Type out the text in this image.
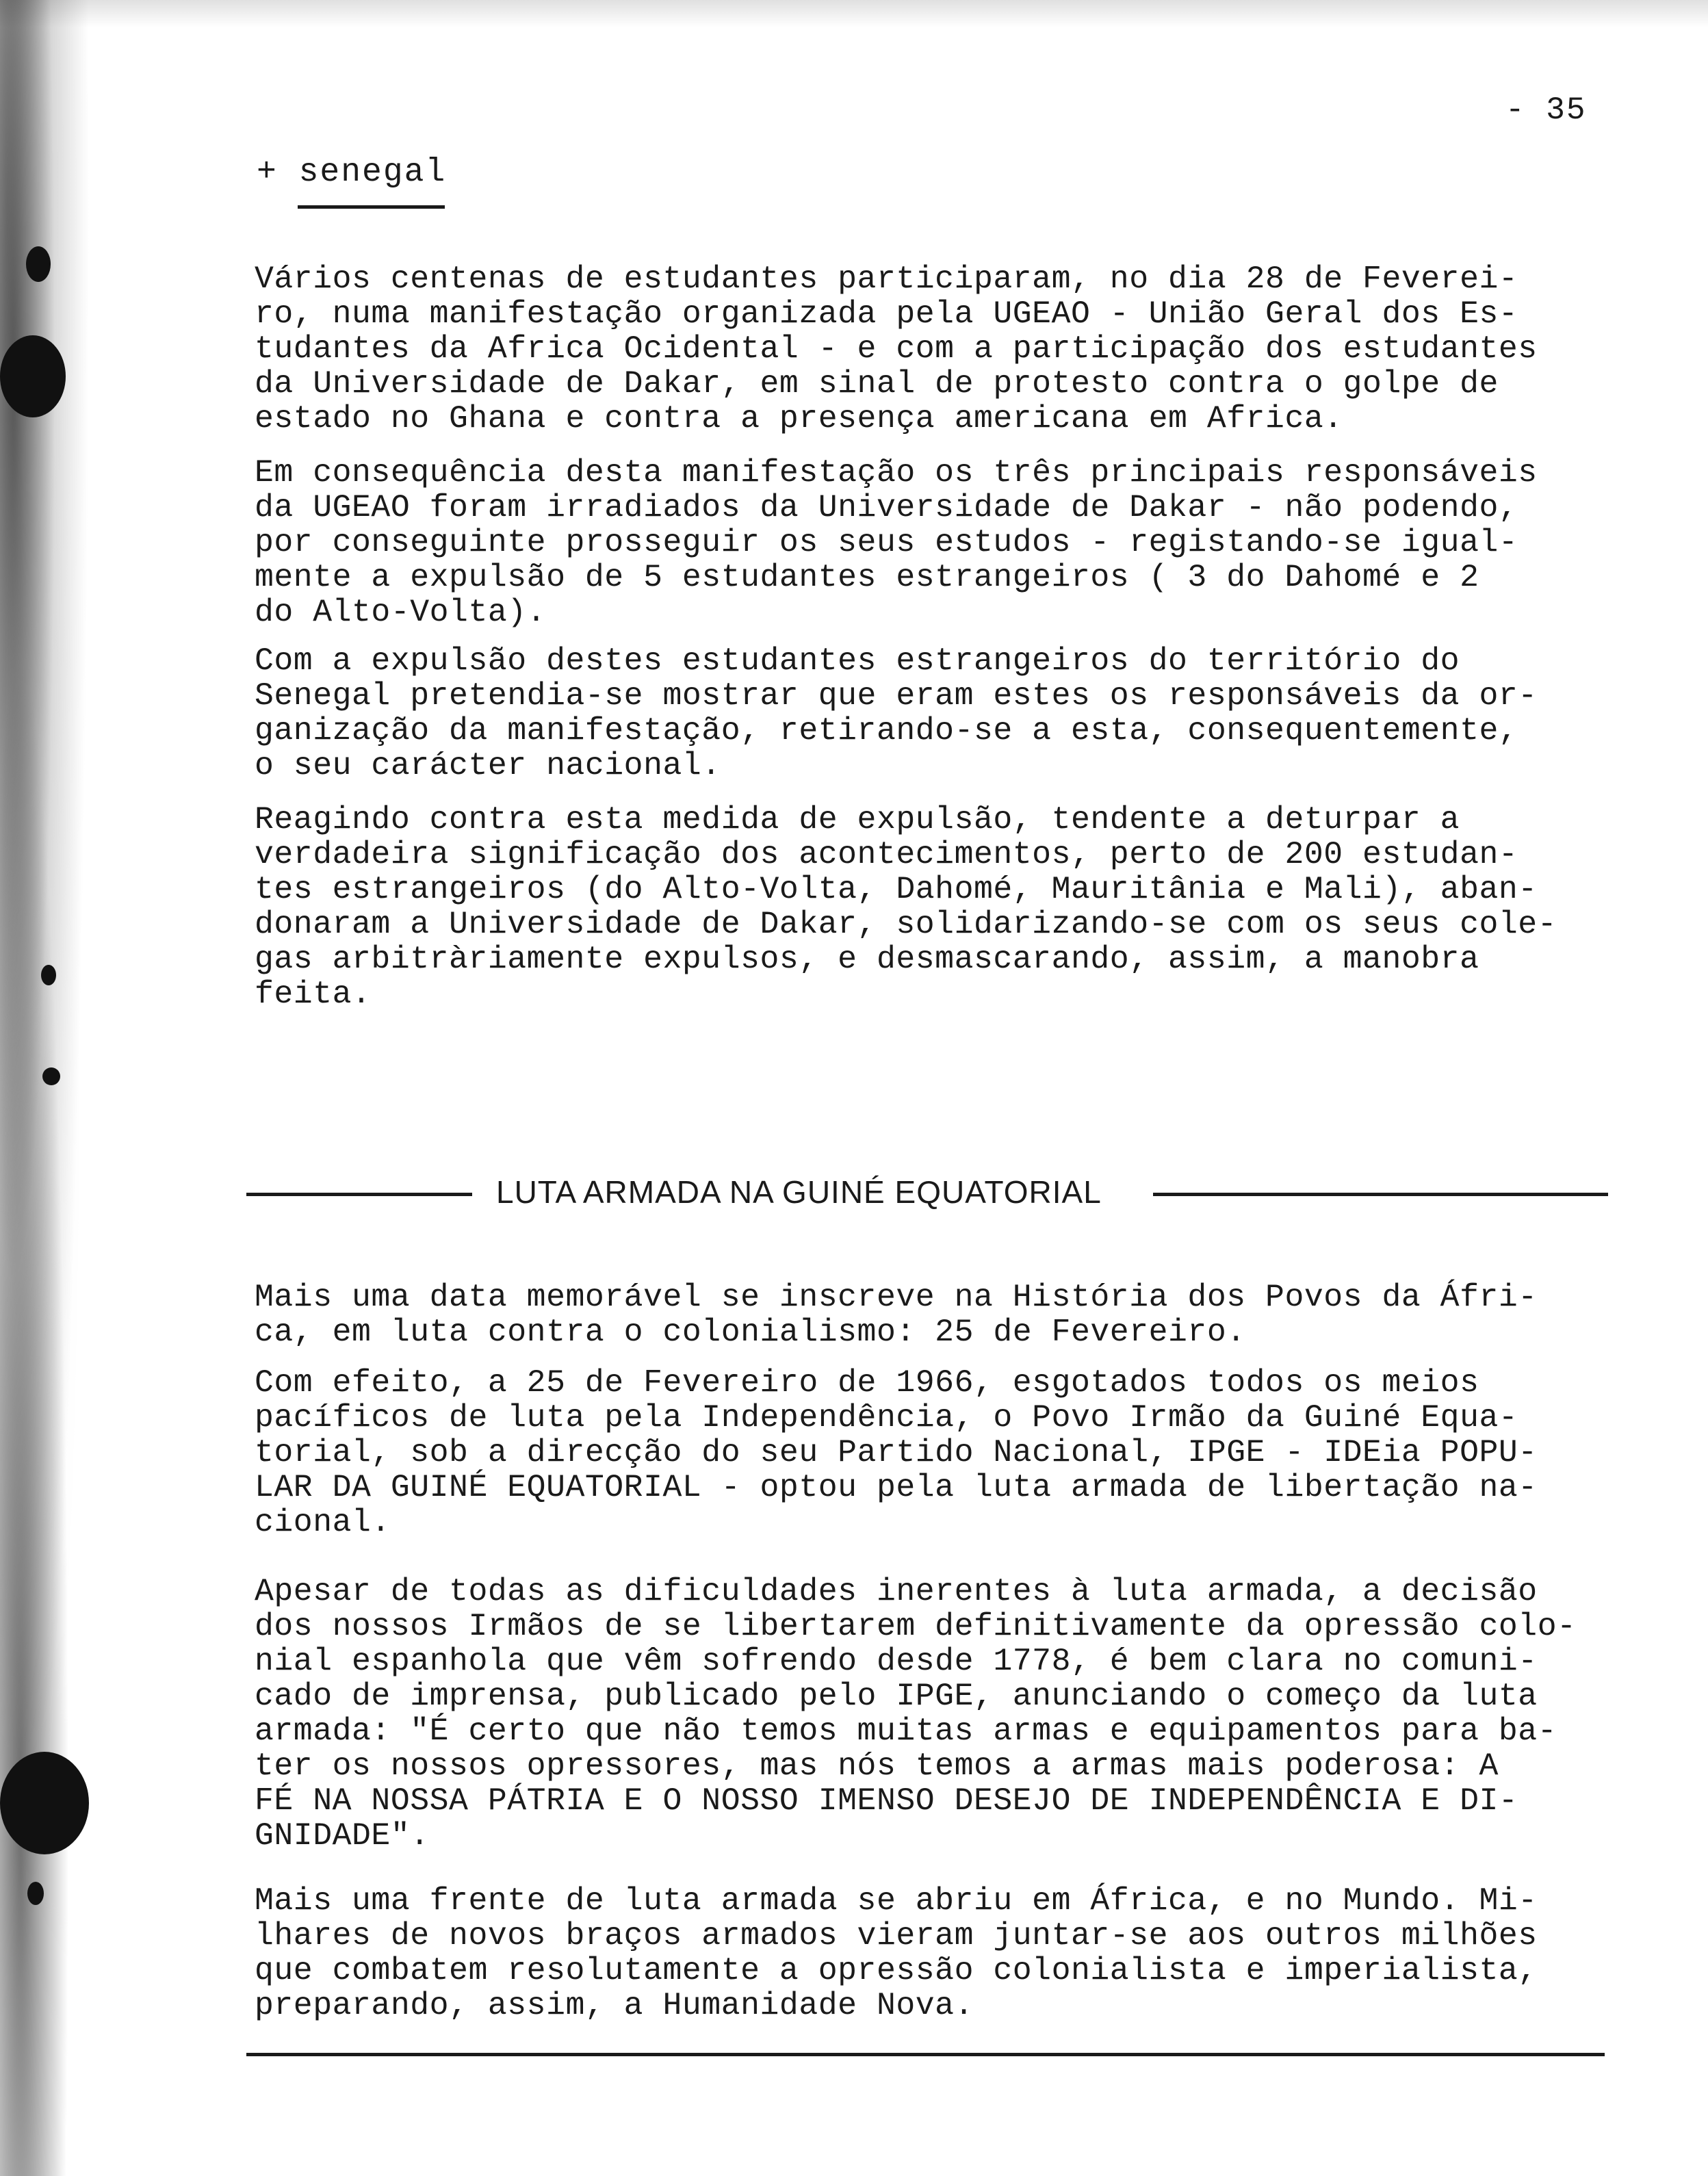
- 35
+ senegal

Vários centenas de estudantes participaram, no dia 28 de Feverei-
ro, numa manifestação organizada pela UGEAO - União Geral dos Es-
tudantes da Africa Ocidental - e com a participação dos estudantes
da Universidade de Dakar, em sinal de protesto contra o golpe de
estado no Ghana e contra a presença americana em Africa.

Em consequência desta manifestação os três principais responsáveis
da UGEAO foram irradiados da Universidade de Dakar - não podendo,
por conseguinte prosseguir os seus estudos - registando-se igual-
mente a expulsão de 5 estudantes estrangeiros ( 3 do Dahomé e 2
do Alto-Volta).

Com a expulsão destes estudantes estrangeiros do território do
Senegal pretendia-se mostrar que eram estes os responsáveis da or-
ganização da manifestação, retirando-se a esta, consequentemente,
o seu carácter nacional.

Reagindo contra esta medida de expulsão, tendente a deturpar a
verdadeira significação dos acontecimentos, perto de 200 estudan-
tes estrangeiros (do Alto-Volta, Dahomé, Mauritânia e Mali), aban-
donaram a Universidade de Dakar, solidarizando-se com os seus cole-
gas arbitràriamente expulsos, e desmascarando, assim, a manobra
feita.

LUTA ARMADA NA GUINÉ EQUATORIAL

Mais uma data memorável se inscreve na História dos Povos da Áfri-
ca, em luta contra o colonialismo: 25 de Fevereiro.

Com efeito, a 25 de Fevereiro de 1966, esgotados todos os meios
pacíficos de luta pela Independência, o Povo Irmão da Guiné Equa-
torial, sob a direcção do seu Partido Nacional, IPGE - IDEia POPU-
LAR DA GUINÉ EQUATORIAL - optou pela luta armada de libertação na-
cional.

Apesar de todas as dificuldades inerentes à luta armada, a decisão
dos nossos Irmãos de se libertarem definitivamente da opressão colo-
nial espanhola que vêm sofrendo desde 1778, é bem clara no comuni-
cado de imprensa, publicado pelo IPGE, anunciando o começo da luta
armada: "É certo que não temos muitas armas e equipamentos para ba-
ter os nossos opressores, mas nós temos a armas mais poderosa: A
FÉ NA NOSSA PÁTRIA E O NOSSO IMENSO DESEJO DE INDEPENDÊNCIA E DI-
GNIDADE".

Mais uma frente de luta armada se abriu em África, e no Mundo. Mi-
lhares de novos braços armados vieram juntar-se aos outros milhões
que combatem resolutamente a opressão colonialista e imperialista,
preparando, assim, a Humanidade Nova.
